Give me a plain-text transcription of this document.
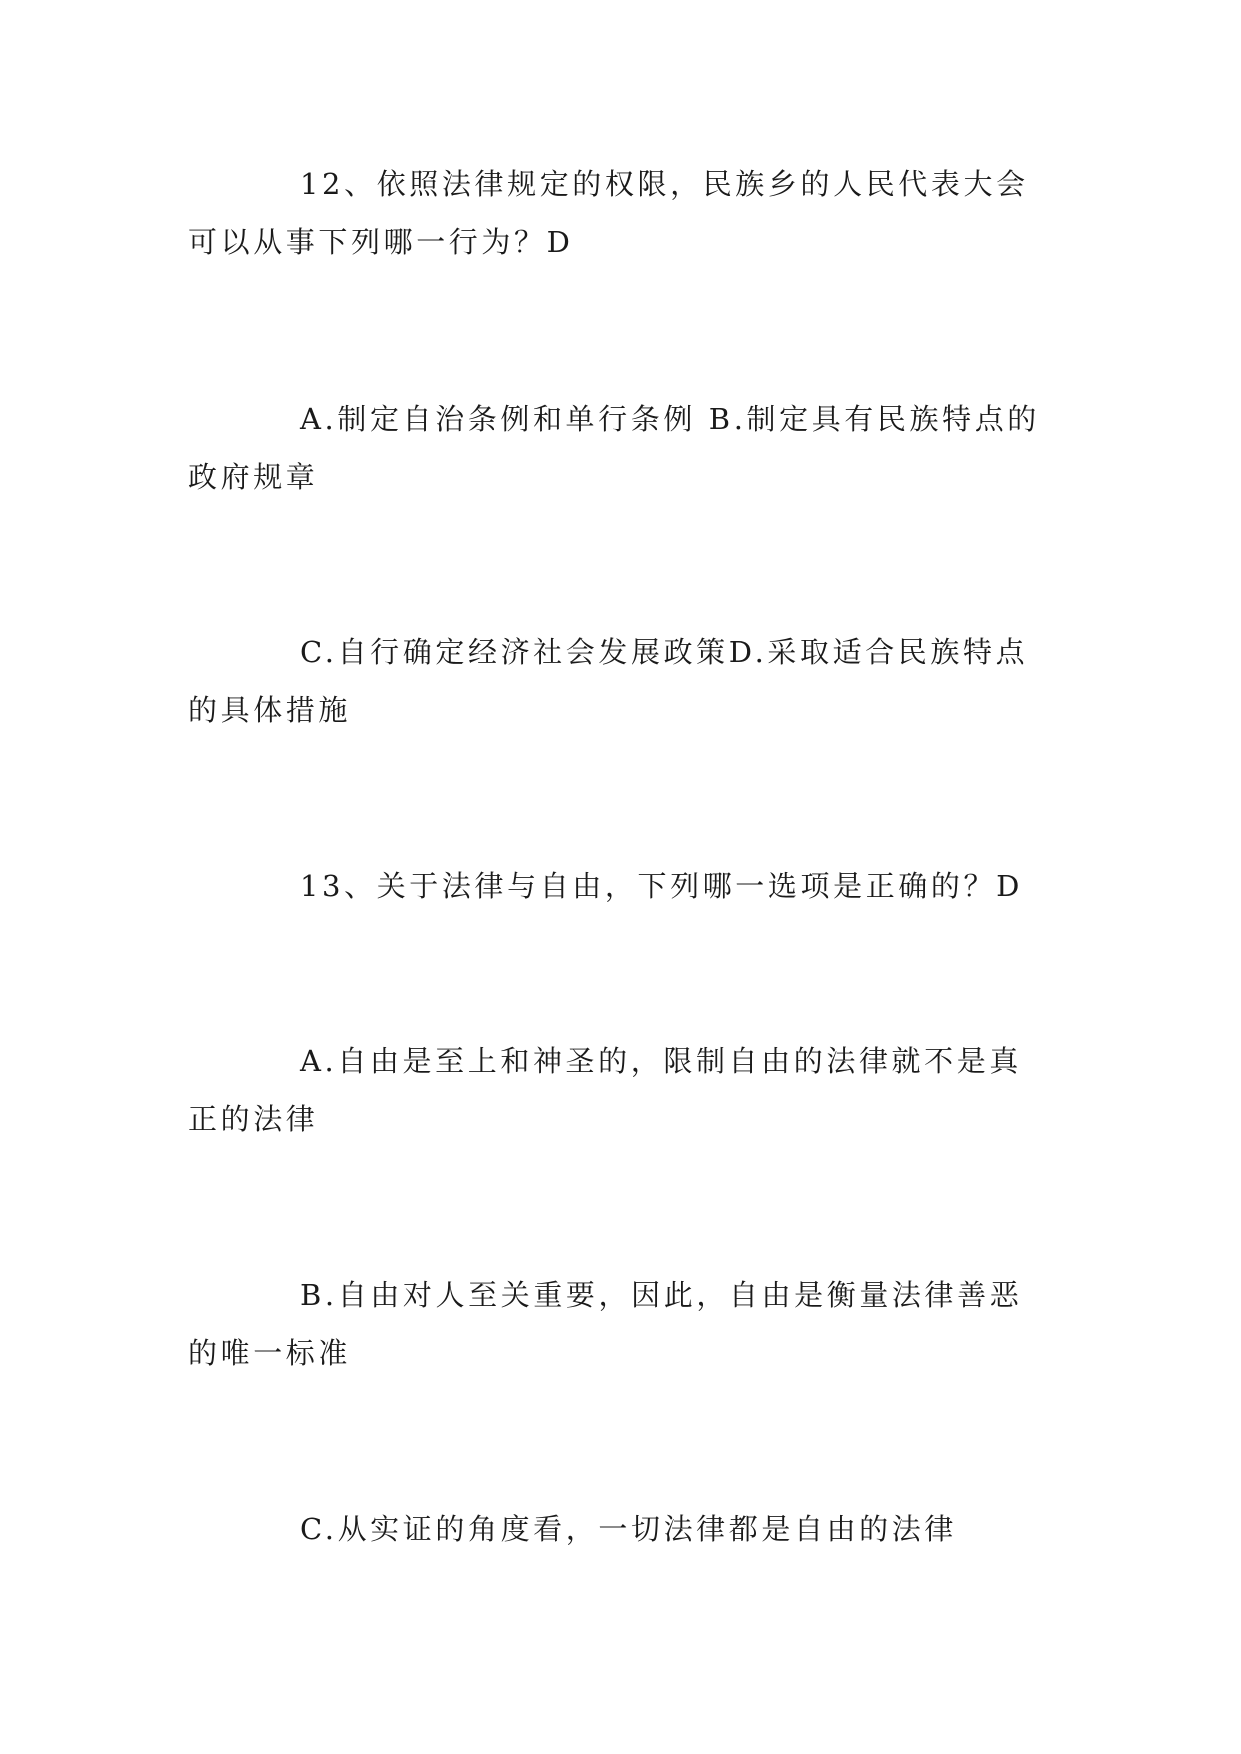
12、依照法律规定的权限，民族乡的人民代表大会可以从事下列哪一行为？D

A.制定自治条例和单行条例 B.制定具有民族特点的政府规章

C.自行确定经济社会发展政策D.采取适合民族特点的具体措施

13、关于法律与自由，下列哪一选项是正确的？D

A.自由是至上和神圣的，限制自由的法律就不是真正的法律

B.自由对人至关重要，因此，自由是衡量法律善恶的唯一标准

C.从实证的角度看，一切法律都是自由的法律
